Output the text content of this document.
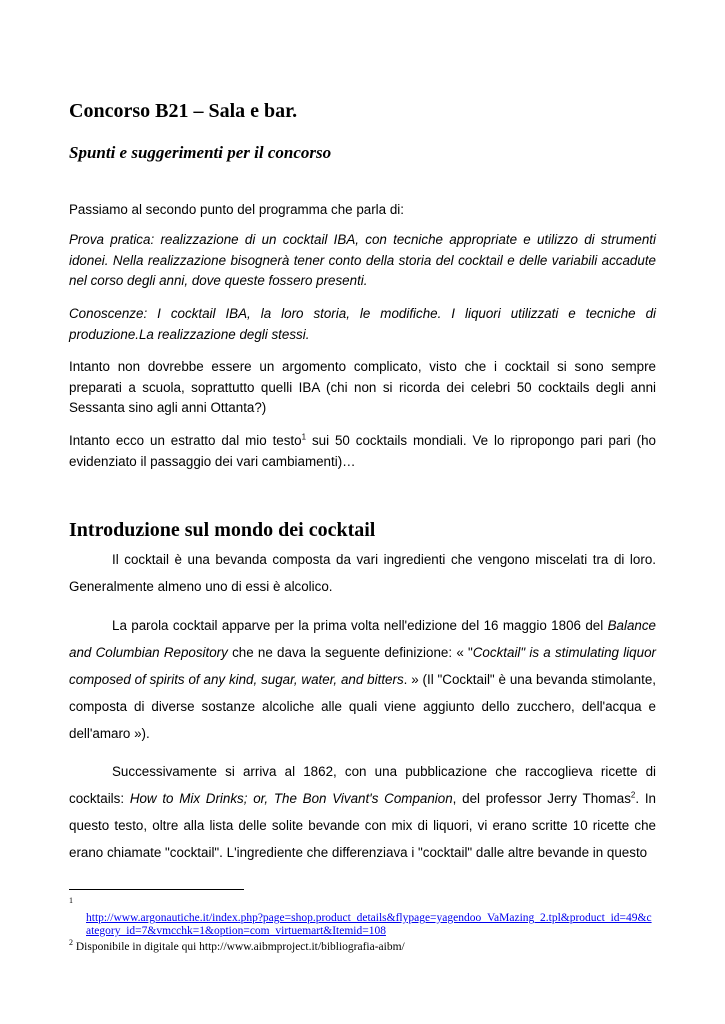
Concorso B21 – Sala e bar.
Spunti e suggerimenti per il concorso

Passiamo al secondo punto del programma che parla di:

Prova pratica: realizzazione di un cocktail IBA, con tecniche appropriate e utilizzo di strumenti idonei. Nella realizzazione bisognerà tener conto della storia del cocktail e delle variabili accadute nel corso degli anni, dove queste fossero presenti.

Conoscenze: I cocktail IBA, la loro storia, le modifiche. I liquori utilizzati e tecniche di produzione.La realizzazione degli stessi.

Intanto non dovrebbe essere un argomento complicato, visto che i cocktail si sono sempre preparati a scuola, soprattutto quelli IBA (chi non si ricorda dei celebri 50 cocktails degli anni Sessanta sino agli anni Ottanta?)

Intanto ecco un estratto dal mio testo$^1$ sui 50 cocktails mondiali. Ve lo ripropongo pari pari (ho evidenziato il passaggio dei vari cambiamenti)…

Introduzione sul mondo dei cocktail

Il cocktail è una bevanda composta da vari ingredienti che vengono miscelati tra di loro. Generalmente almeno uno di essi è alcolico.

La parola cocktail apparve per la prima volta nell'edizione del 16 maggio 1806 del Balance and Columbian Repository che ne dava la seguente definizione: « "Cocktail" is a stimulating liquor composed of spirits of any kind, sugar, water, and bitters. » (Il "Cocktail" è una bevanda stimolante, composta di diverse sostanze alcoliche alle quali viene aggiunto dello zucchero, dell'acqua e dell'amaro »).

Successivamente si arriva al 1862, con una pubblicazione che raccoglieva ricette di cocktails: How to Mix Drinks; or, The Bon Vivant's Companion, del professor Jerry Thomas$^2$. In questo testo, oltre alla lista delle solite bevande con mix di liquori, vi erano scritte 10 ricette che erano chiamate "cocktail". L'ingrediente che differenziava i "cocktail" dalle altre bevande in questo

1
http://www.argonautiche.it/index.php?page=shop.product_details&flypage=yagendoo_VaMazing_2.tpl&product_id=49&category_id=7&vmcchk=1&option=com_virtuemart&Itemid=108
$^2$ Disponibile in digitale qui http://www.aibmproject.it/bibliografia-aibm/
